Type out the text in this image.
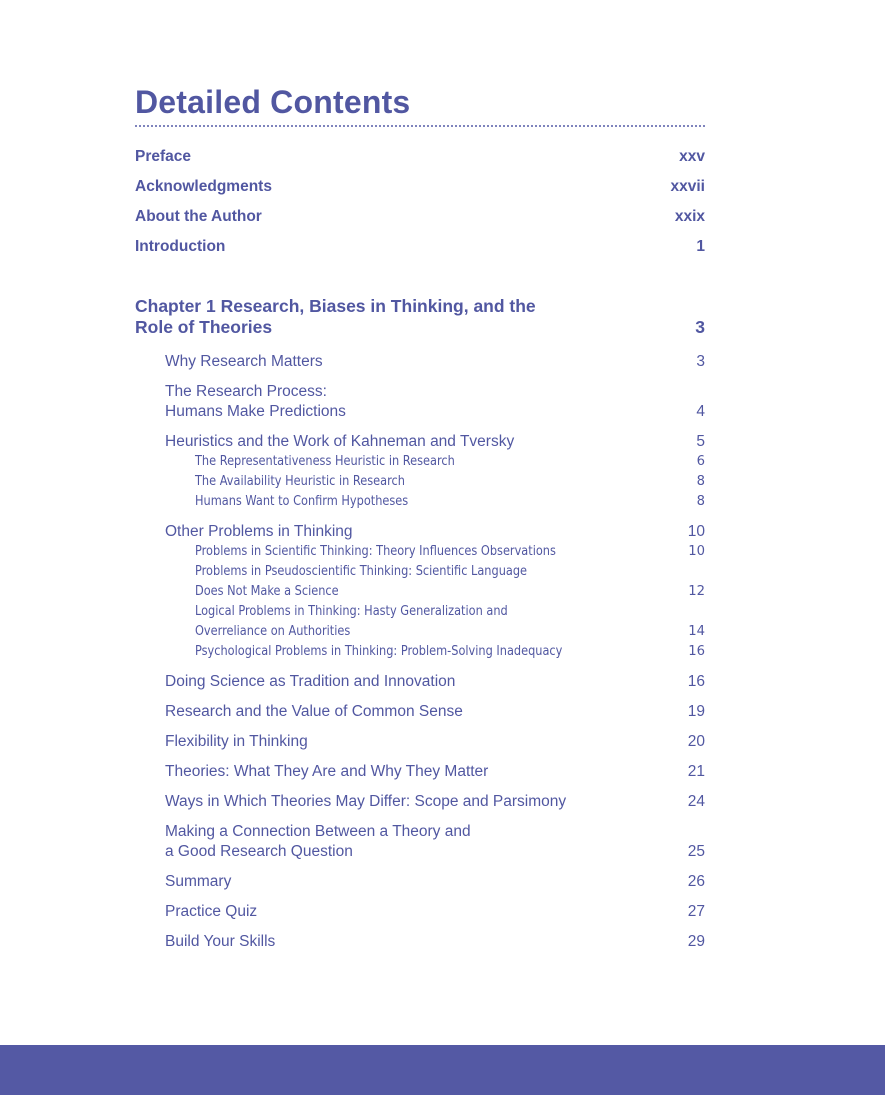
Detailed Contents
Preface	xxv
Acknowledgments	xxvii
About the Author	xxix
Introduction	1
Chapter 1 Research, Biases in Thinking, and the
Role of Theories	3
Why Research Matters	3
The Research Process:
Humans Make Predictions	4
Heuristics and the Work of Kahneman and Tversky	5
The Representativeness Heuristic in Research	6
The Availability Heuristic in Research	8
Humans Want to Confirm Hypotheses	8
Other Problems in Thinking	10
Problems in Scientific Thinking: Theory Influences Observations	10
Problems in Pseudoscientific Thinking: Scientific Language
Does Not Make a Science	12
Logical Problems in Thinking: Hasty Generalization and
Overreliance on Authorities	14
Psychological Problems in Thinking: Problem-Solving Inadequacy	16
Doing Science as Tradition and Innovation	16
Research and the Value of Common Sense	19
Flexibility in Thinking	20
Theories: What They Are and Why They Matter	21
Ways in Which Theories May Differ: Scope and Parsimony	24
Making a Connection Between a Theory and
a Good Research Question	25
Summary	26
Practice Quiz	27
Build Your Skills	29
